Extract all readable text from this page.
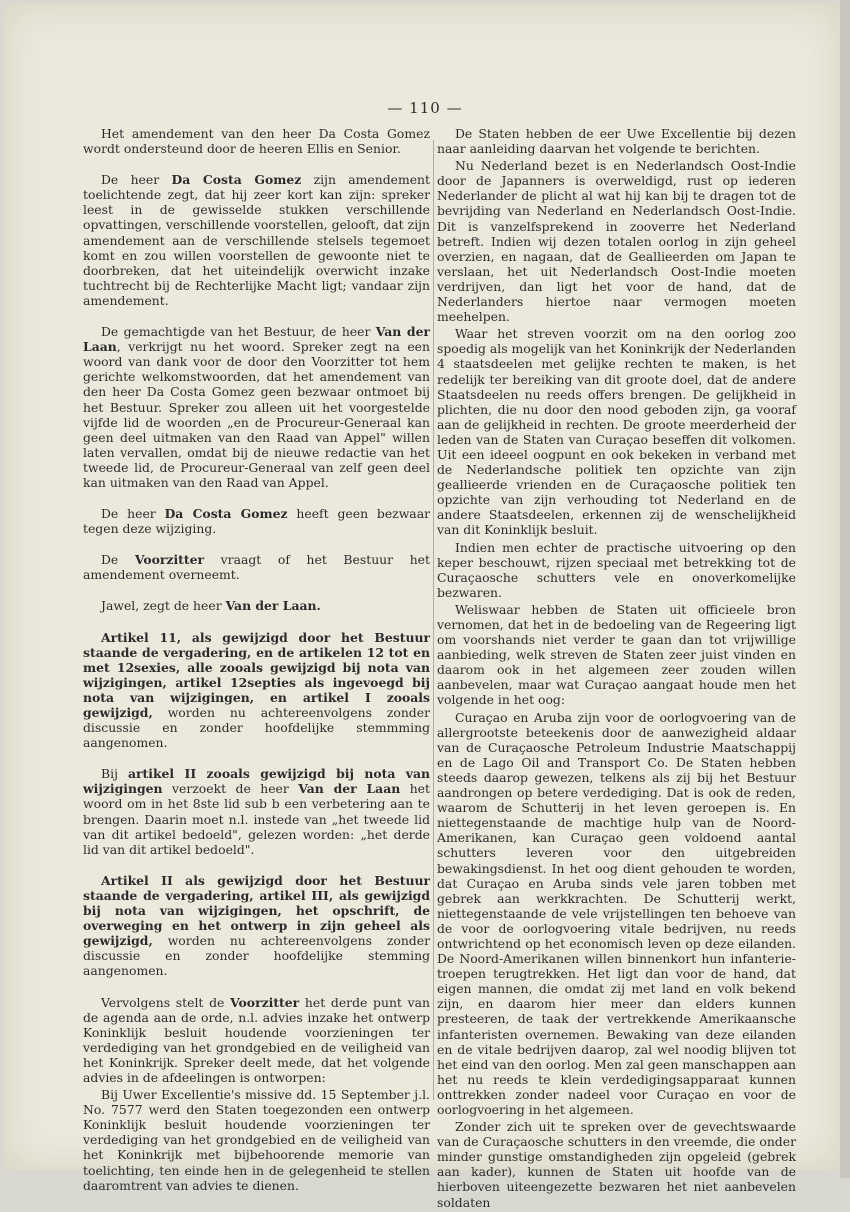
— 110 —

Het amendement van den heer Da Costa Gomez wordt ondersteund door de heeren Ellis en Senior.

De heer Da Costa Gomez zijn amendement toelichtende zegt, dat hij zeer kort kan zijn: spreker leest in de gewisselde stukken verschillende opvattingen, verschillende voorstellen, gelooft, dat zijn amendement aan de verschillende stelsels tegemoet komt en zou willen voorstellen de gewoonte niet te doorbreken, dat het uiteindelijk overwicht inzake tuchtrecht bij de Rechterlijke Macht ligt; vandaar zijn amendement.

De gemachtigde van het Bestuur, de heer Van der Laan, verkrijgt nu het woord. Spreker zegt na een woord van dank voor de door den Voorzitter tot hem gerichte welkomstwoorden, dat het amendement van den heer Da Costa Gomez geen bezwaar ontmoet bij het Bestuur. Spreker zou alleen uit het voorgestelde vijfde lid de woorden „en de Procureur-Generaal kan geen deel uitmaken van den Raad van Appel" willen laten vervallen, omdat bij de nieuwe redactie van het tweede lid, de Procureur-Generaal van zelf geen deel kan uitmaken van den Raad van Appel.

De heer Da Costa Gomez heeft geen bezwaar tegen deze wijziging.

De Voorzitter vraagt of het Bestuur het amendement overneemt.

Jawel, zegt de heer Van der Laan.

Artikel 11, als gewijzigd door het Bestuur staande de vergadering, en de artikelen 12 tot en met 12sexies, alle zooals gewijzigd bij nota van wijzigingen, artikel 12septies als ingevoegd bij nota van wijzigingen, en artikel I zooals gewijzigd, worden nu achtereenvolgens zonder discussie en zonder hoofdelijke stemmming aangenomen.

Bij artikel II zooals gewijzigd bij nota van wijzigingen verzoekt de heer Van der Laan het woord om in het 8ste lid sub b een verbetering aan te brengen. Daarin moet n.l. instede van „het tweede lid van dit artikel bedoeld", gelezen worden: „het derde lid van dit artikel bedoeld".

Artikel II als gewijzigd door het Bestuur staande de vergadering, artikel III, als gewijzigd bij nota van wijzigingen, het opschrift, de overweging en het ontwerp in zijn geheel als gewijzigd, worden nu achtereenvolgens zonder discussie en zonder hoofdelijke stemming aangenomen.

Vervolgens stelt de Voorzitter het derde punt van de agenda aan de orde, n.l. advies inzake het ontwerp Koninklijk besluit houdende voorzieningen ter verdediging van het grondgebied en de veiligheid van het Koninkrijk. Spreker deelt mede, dat het volgende advies in de afdeelingen is ontworpen:

Bij Uwer Excellentie's missive dd. 15 September j.l. No. 7577 werd den Staten toegezonden een ontwerp Koninklijk besluit houdende voorzieningen ter verdediging van het grondgebied en de veiligheid van het Koninkrijk met bijbehoorende memorie van toelichting, ten einde hen in de gelegenheid te stellen daaromtrent van advies te dienen.

De Staten hebben de eer Uwe Excellentie bij dezen naar aanleiding daarvan het volgende te berichten.

Nu Nederland bezet is en Nederlandsch Oost-Indie door de Japanners is overweldigd, rust op iederen Nederlander de plicht al wat hij kan bij te dragen tot de bevrijding van Nederland en Nederlandsch Oost-Indie. Dit is vanzelfsprekend in zooverre het Nederland betreft. Indien wij dezen totalen oorlog in zijn geheel overzien, en nagaan, dat de Geallieerden om Japan te verslaan, het uit Nederlandsch Oost-Indie moeten verdrijven, dan ligt het voor de hand, dat de Nederlanders hiertoe naar vermogen moeten meehelpen.

Waar het streven voorzit om na den oorlog zoo spoedig als mogelijk van het Koninkrijk der Nederlanden 4 staatsdeelen met gelijke rechten te maken, is het redelijk ter bereiking van dit groote doel, dat de andere Staatsdeelen nu reeds offers brengen. De gelijkheid in plichten, die nu door den nood geboden zijn, ga vooraf aan de gelijkheid in rechten. De groote meerderheid der leden van de Staten van Curaçao beseffen dit volkomen. Uit een ideeel oogpunt en ook bekeken in verband met de Nederlandsche politiek ten opzichte van zijn geallieerde vrienden en de Curaçaosche politiek ten opzichte van zijn verhouding tot Nederland en de andere Staatsdeelen, erkennen zij de wenschelijkheid van dit Koninklijk besluit.

Indien men echter de practische uitvoering op den keper beschouwt, rijzen speciaal met betrekking tot de Curaçaosche schutters vele en onoverkomelijke bezwaren.

Weliswaar hebben de Staten uit officieele bron vernomen, dat het in de bedoeling van de Regeering ligt om voorshands niet verder te gaan dan tot vrijwillige aanbieding, welk streven de Staten zeer juist vinden en daarom ook in het algemeen zeer zouden willen aanbevelen, maar wat Curaçao aangaat houde men het volgende in het oog:

Curaçao en Aruba zijn voor de oorlogvoering van de allergrootste beteekenis door de aanwezigheid aldaar van de Curaçaosche Petroleum Industrie Maatschappij en de Lago Oil and Transport Co. De Staten hebben steeds daarop gewezen, telkens als zij bij het Bestuur aandrongen op betere verdediging. Dat is ook de reden, waarom de Schutterij in het leven geroepen is. En niettegenstaande de machtige hulp van de Noord-Amerikanen, kan Curaçao geen voldoend aantal schutters leveren voor den uitgebreiden bewakingsdienst. In het oog dient gehouden te worden, dat Curaçao en Aruba sinds vele jaren tobben met gebrek aan werkkrachten. De Schutterij werkt, niettegenstaande de vele vrijstellingen ten behoeve van de voor de oorlogvoering vitale bedrijven, nu reeds ontwrichtend op het economisch leven op deze eilanden. De Noord-Amerikanen willen binnenkort hun infanterie-troepen terugtrekken. Het ligt dan voor de hand, dat eigen mannen, die omdat zij met land en volk bekend zijn, en daarom hier meer dan elders kunnen presteeren, de taak der vertrekkende Amerikaansche infanteristen overnemen. Bewaking van deze eilanden en de vitale bedrijven daarop, zal wel noodig blijven tot het eind van den oorlog. Men zal geen manschappen aan het nu reeds te klein verdedigingsapparaat kunnen onttrekken zonder nadeel voor Curaçao en voor de oorlogvoering in het algemeen.

Zonder zich uit te spreken over de gevechtswaarde van de Curaçaosche schutters in den vreemde, die onder minder gunstige omstandigheden zijn opgeleid (gebrek aan kader), kunnen de Staten uit hoofde van de hierboven uiteengezette bezwaren het niet aanbevelen soldaten
